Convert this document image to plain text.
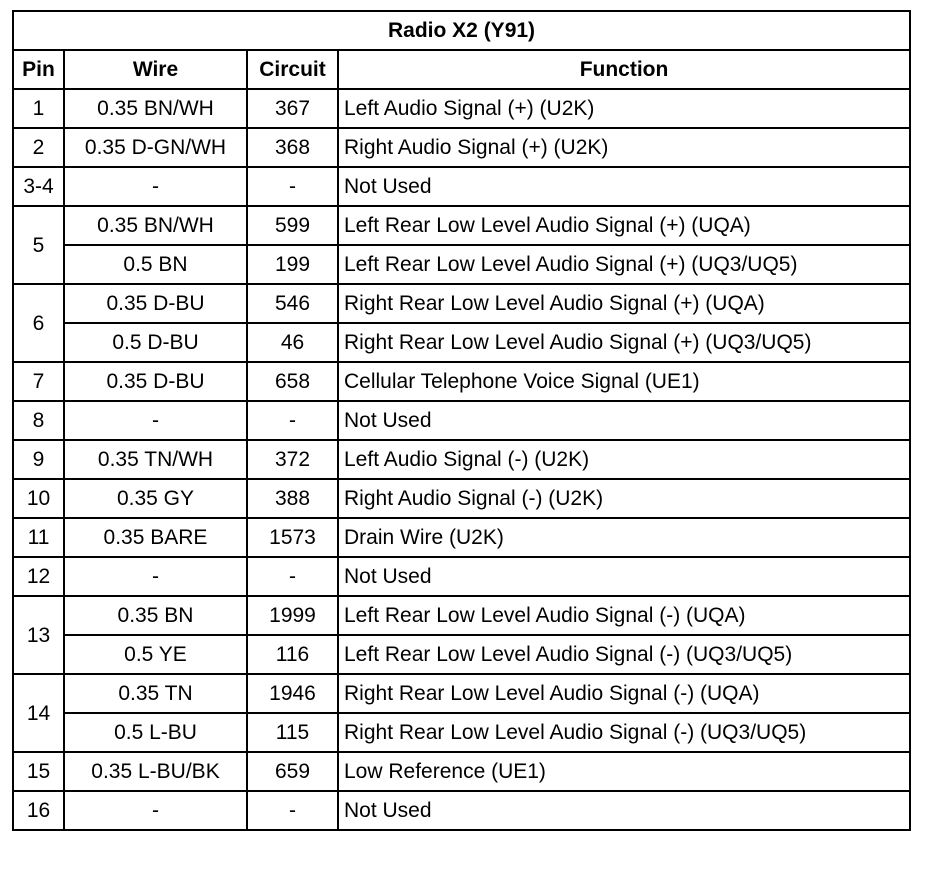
Radio X2 (Y91)			
Pin	Wire	Circuit	Function
1	0.35 BN/WH	367	Left Audio Signal (+) (U2K)
2	0.35 D-GN/WH	368	Right Audio Signal (+) (U2K)
3-4	-	-	Not Used
5	0.35 BN/WH	599	Left Rear Low Level Audio Signal (+) (UQA)
	0.5 BN	199	Left Rear Low Level Audio Signal (+) (UQ3/UQ5)
6	0.35 D-BU	546	Right Rear Low Level Audio Signal (+) (UQA)
	0.5 D-BU	46	Right Rear Low Level Audio Signal (+) (UQ3/UQ5)
7	0.35 D-BU	658	Cellular Telephone Voice Signal (UE1)
8	-	-	Not Used
9	0.35 TN/WH	372	Left Audio Signal (-) (U2K)
10	0.35 GY	388	Right Audio Signal (-) (U2K)
11	0.35 BARE	1573	Drain Wire (U2K)
12	-	-	Not Used
13	0.35 BN	1999	Left Rear Low Level Audio Signal (-) (UQA)
	0.5 YE	116	Left Rear Low Level Audio Signal (-) (UQ3/UQ5)
14	0.35 TN	1946	Right Rear Low Level Audio Signal (-) (UQA)
	0.5 L-BU	115	Right Rear Low Level Audio Signal (-) (UQ3/UQ5)
15	0.35 L-BU/BK	659	Low Reference (UE1)
16	-	-	Not Used
